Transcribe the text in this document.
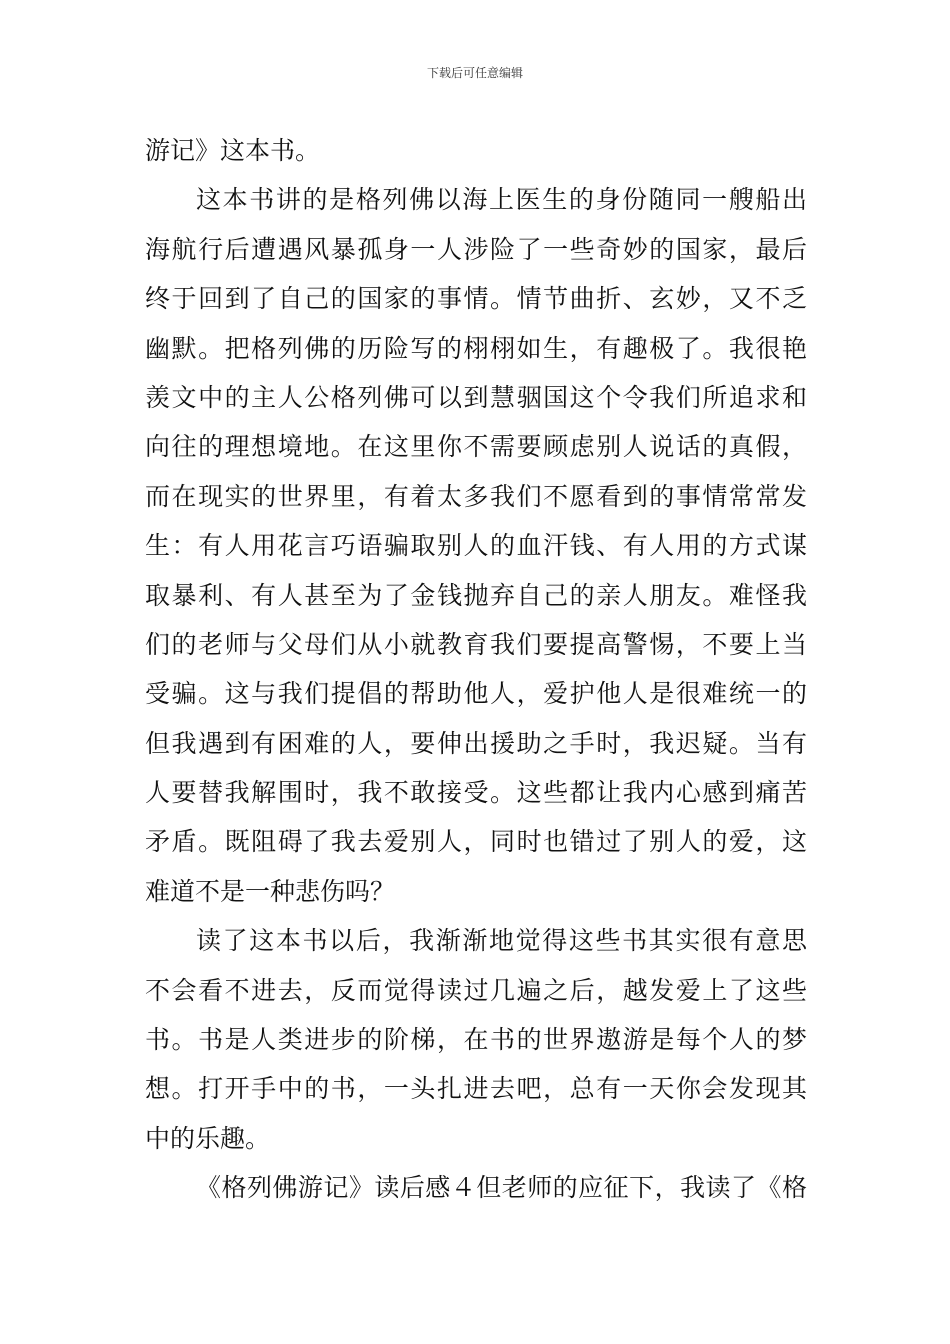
下载后可任意编辑
游记》这本书。
这本书讲的是格列佛以海上医生的身份随同一艘船出
海航行后遭遇风暴孤身一人涉险了一些奇妙的国家，最后
终于回到了自己的国家的事情。情节曲折、玄妙，又不乏
幽默。把格列佛的历险写的栩栩如生，有趣极了。我很艳
羡文中的主人公格列佛可以到慧骃国这个令我们所追求和
向往的理想境地。在这里你不需要顾虑别人说话的真假，
而在现实的世界里，有着太多我们不愿看到的事情常常发
生：有人用花言巧语骗取别人的血汗钱、有人用的方式谋
取暴利、有人甚至为了金钱抛弃自己的亲人朋友。难怪我
们的老师与父母们从小就教育我们要提高警惕，不要上当
受骗。这与我们提倡的帮助他人，爱护他人是很难统一的
但我遇到有困难的人，要伸出援助之手时，我迟疑。当有
人要替我解围时，我不敢接受。这些都让我内心感到痛苦
矛盾。既阻碍了我去爱别人，同时也错过了别人的爱，这
难道不是一种悲伤吗？
读了这本书以后，我渐渐地觉得这些书其实很有意思
不会看不进去，反而觉得读过几遍之后，越发爱上了这些
书。书是人类进步的阶梯，在书的世界遨游是每个人的梦
想。打开手中的书，一头扎进去吧，总有一天你会发现其
中的乐趣。
《格列佛游记》读后感４但老师的应征下，我读了《格
